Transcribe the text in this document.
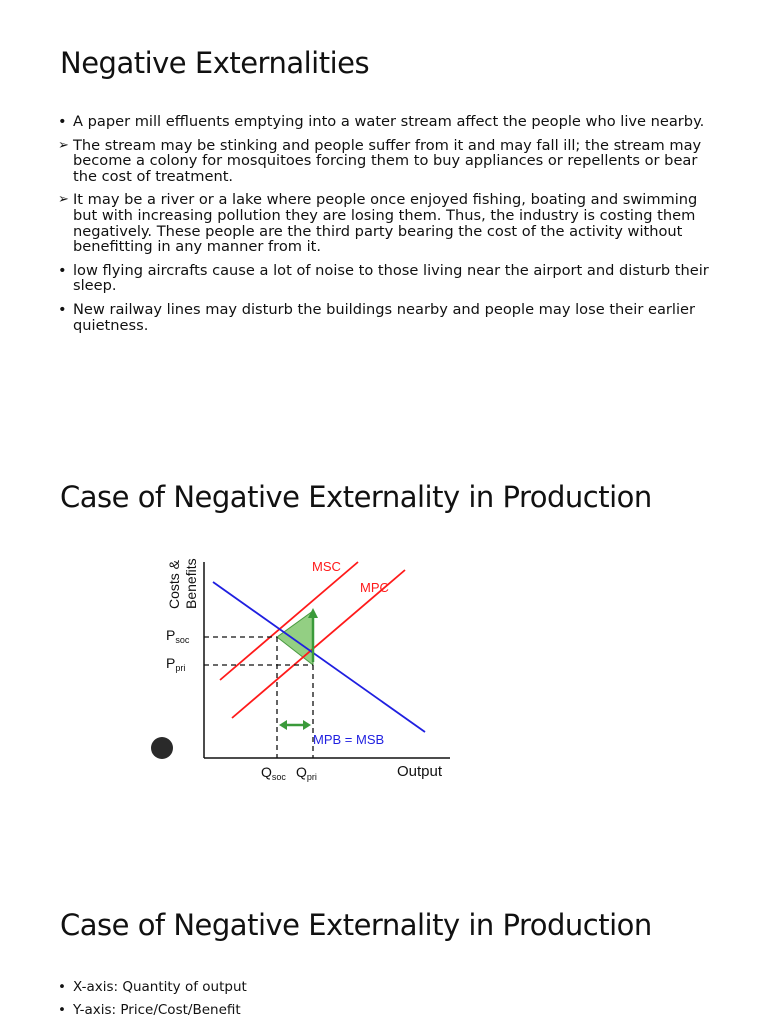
Negative Externalities
• A paper mill effluents emptying into a water stream affect the people who live nearby.
➢ The stream may be stinking and people suffer from it and may fall ill; the stream may become a colony for mosquitoes forcing them to buy appliances or repellents or bear the cost of treatment.
➢ It may be a river or a lake where people once enjoyed fishing, boating and swimming but with increasing pollution they are losing them. Thus, the industry is costing them negatively. These people are the third party bearing the cost of the activity without benefitting in any manner from it.
• low flying aircrafts cause a lot of noise to those living near the airport and disturb their sleep.
• New railway lines may disturb the buildings nearby and people may lose their earlier quietness.
Case of Negative Externality in Production
Costs & Benefits	MSC
MPC
MPB = MSB
$P_{soc}$
$P_{pri}$
$Q_{soc}$ $Q_{pri}$	Output
Case of Negative Externality in Production
• X-axis: Quantity of output
• Y-axis: Price/Cost/Benefit
